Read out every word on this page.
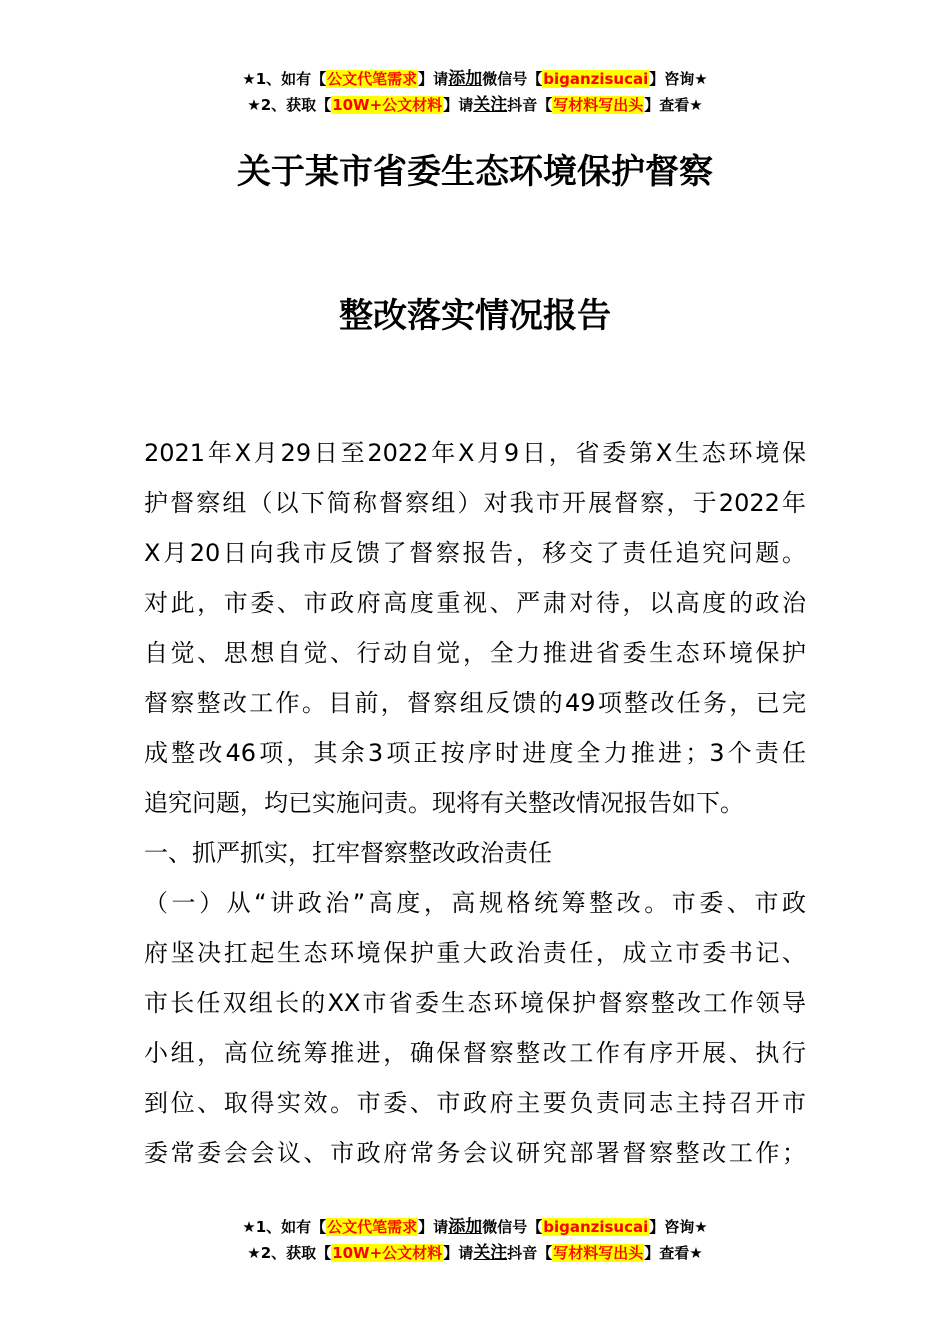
★1、如有【公文代笔需求】请添加微信号【biganzisucai】咨询★
★2、获取【10W+公文材料】请关注抖音【写材料写出头】查看★
关于某市省委生态环境保护督察
整改落实情况报告
2021年X月29日至2022年X月9日，省委第X生态环境保
护督察组（以下简称督察组）对我市开展督察，于2022年
X月20日向我市反馈了督察报告，移交了责任追究问题。
对此，市委、市政府高度重视、严肃对待，以高度的政治
自觉、思想自觉、行动自觉，全力推进省委生态环境保护
督察整改工作。目前，督察组反馈的49项整改任务，已完
成整改46项，其余3项正按序时进度全力推进；3个责任
追究问题，均已实施问责。现将有关整改情况报告如下。
一、抓严抓实，扛牢督察整改政治责任
（一）从“讲政治”高度，高规格统筹整改。市委、市政
府坚决扛起生态环境保护重大政治责任，成立市委书记、
市长任双组长的XX市省委生态环境保护督察整改工作领导
小组，高位统筹推进，确保督察整改工作有序开展、执行
到位、取得实效。市委、市政府主要负责同志主持召开市
委常委会会议、市政府常务会议研究部署督察整改工作；
★1、如有【公文代笔需求】请添加微信号【biganzisucai】咨询★
★2、获取【10W+公文材料】请关注抖音【写材料写出头】查看★
